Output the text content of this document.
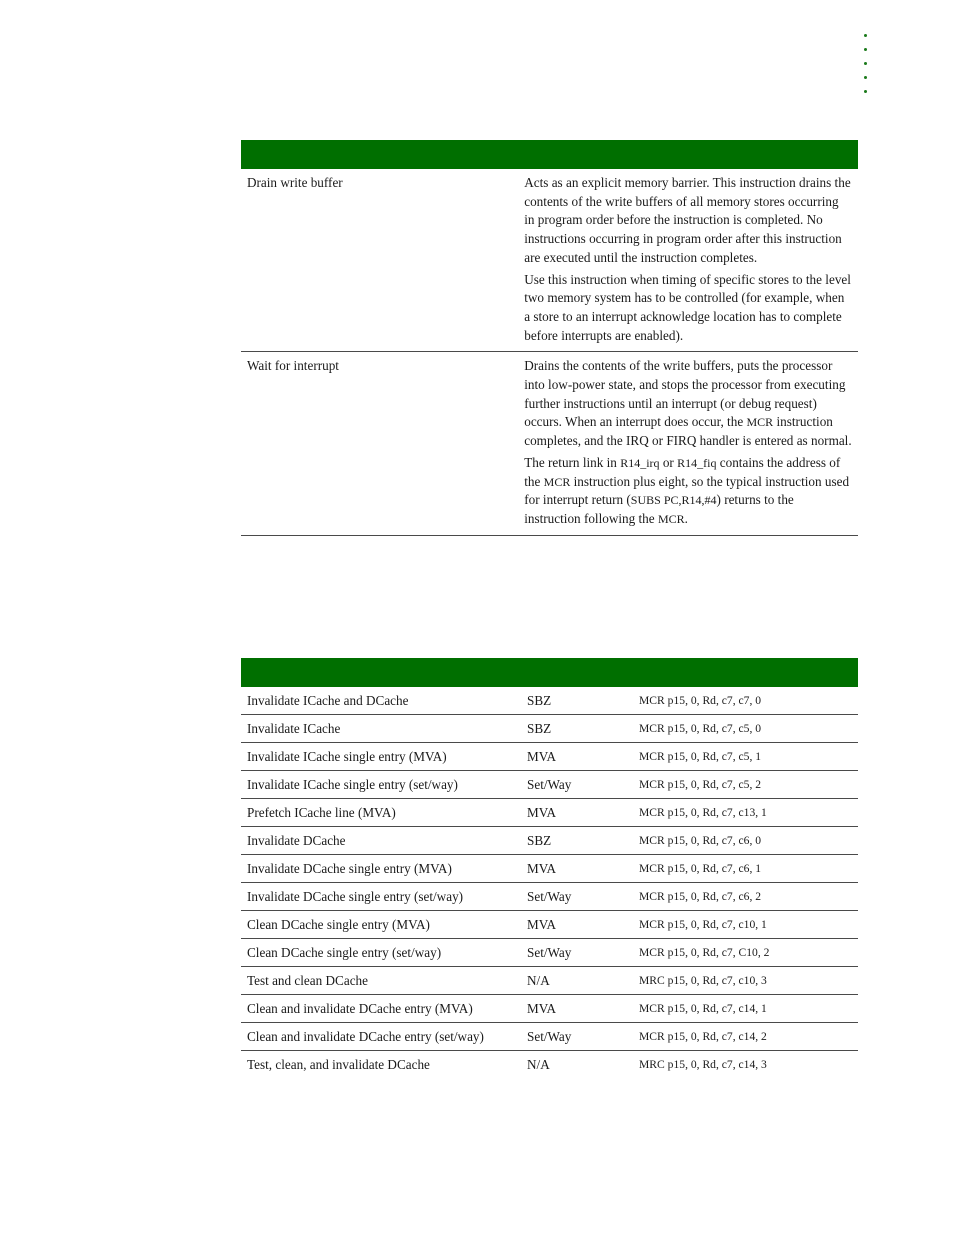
Drain write buffer	Acts as an explicit memory barrier. This instruction drains the contents of the write buffers of all memory stores occurring in program order before the instruction is completed. No instructions occurring in program order after this instruction are executed until the instruction completes.

Use this instruction when timing of specific stores to the level two memory system has to be controlled (for example, when a store to an interrupt acknowledge location has to complete before interrupts are enabled).

Wait for interrupt	Drains the contents of the write buffers, puts the processor into low-power state, and stops the processor from executing further instructions until an interrupt (or debug request) occurs. When an interrupt does occur, the MCR instruction completes, and the IRQ or FIRQ handler is entered as normal.

The return link in R14_irq or R14_fiq contains the address of the MCR instruction plus eight, so the typical instruction used for interrupt return (SUBS PC,R14,#4) returns to the instruction following the MCR.

Invalidate ICache and DCache	SBZ	MCR p15, 0, Rd, c7, c7, 0
Invalidate ICache	SBZ	MCR p15, 0, Rd, c7, c5, 0
Invalidate ICache single entry (MVA)	MVA	MCR p15, 0, Rd, c7, c5, 1
Invalidate ICache single entry (set/way)	Set/Way	MCR p15, 0, Rd, c7, c5, 2
Prefetch ICache line (MVA)	MVA	MCR p15, 0, Rd, c7, c13, 1
Invalidate DCache	SBZ	MCR p15, 0, Rd, c7, c6, 0
Invalidate DCache single entry (MVA)	MVA	MCR p15, 0, Rd, c7, c6, 1
Invalidate DCache single entry (set/way)	Set/Way	MCR p15, 0, Rd, c7, c6, 2
Clean DCache single entry (MVA)	MVA	MCR p15, 0, Rd, c7, c10, 1
Clean DCache single entry (set/way)	Set/Way	MCR p15, 0, Rd, c7, C10, 2
Test and clean DCache	N/A	MRC p15, 0, Rd, c7, c10, 3
Clean and invalidate DCache entry (MVA)	MVA	MCR p15, 0, Rd, c7, c14, 1
Clean and invalidate DCache entry (set/way)	Set/Way	MCR p15, 0, Rd, c7, c14, 2
Test, clean, and invalidate DCache	N/A	MRC p15, 0, Rd, c7, c14, 3
